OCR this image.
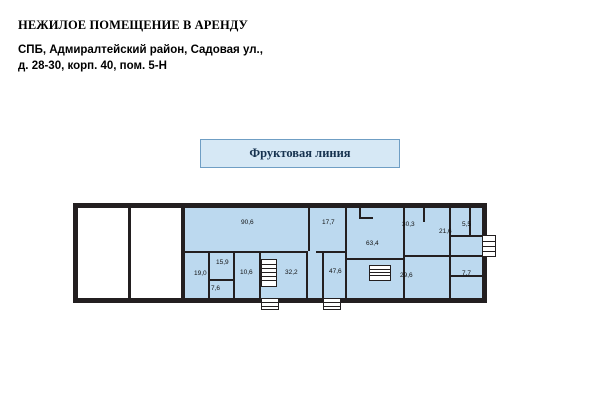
НЕЖИЛОЕ ПОМЕЩЕНИЕ В АРЕНДУ
СПБ, Адмиралтейский район, Садовая ул.,
д. 28-30, корп. 40, пом. 5-Н
Фруктовая линия
90,6	17,7	30,3	5,5
21,6
63,4
19,0
15,9
10,6
7,6
32,2	47,6
29,6	7,7
